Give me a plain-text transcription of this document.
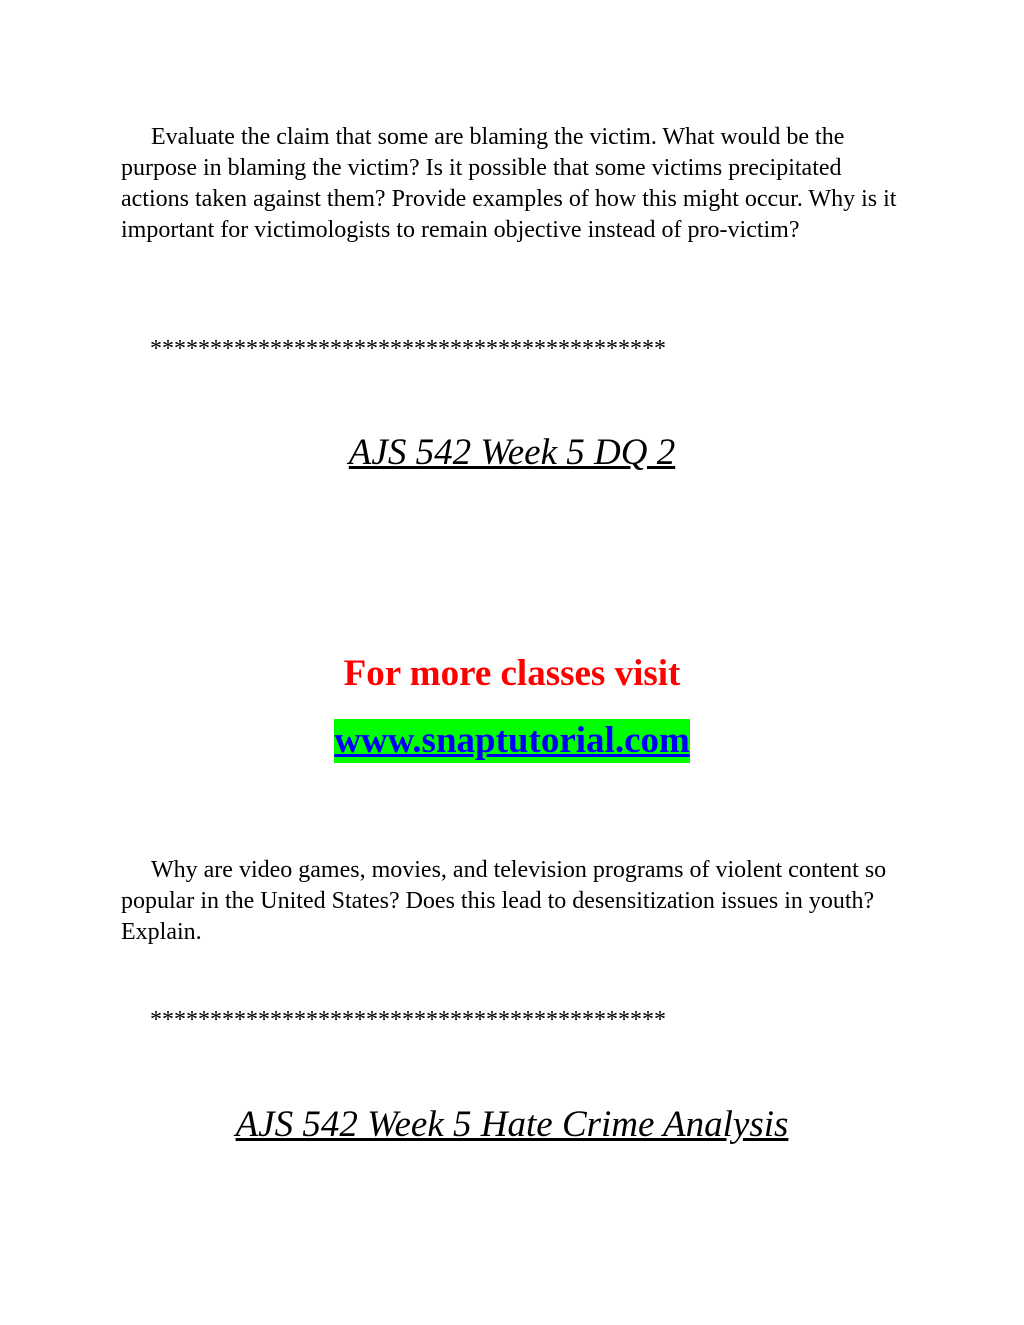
Evaluate the claim that some are blaming the victim. What would be the purpose in blaming the victim? Is it possible that some victims precipitated actions taken against them? Provide examples of how this might occur. Why is it important for victimologists to remain objective instead of pro-victim?

*******************************************

AJS 542 Week 5 DQ 2

For more classes visit

www.snaptutorial.com

Why are video games, movies, and television programs of violent content so popular in the United States? Does this lead to desensitization issues in youth? Explain.

*******************************************

AJS 542 Week 5 Hate Crime Analysis
